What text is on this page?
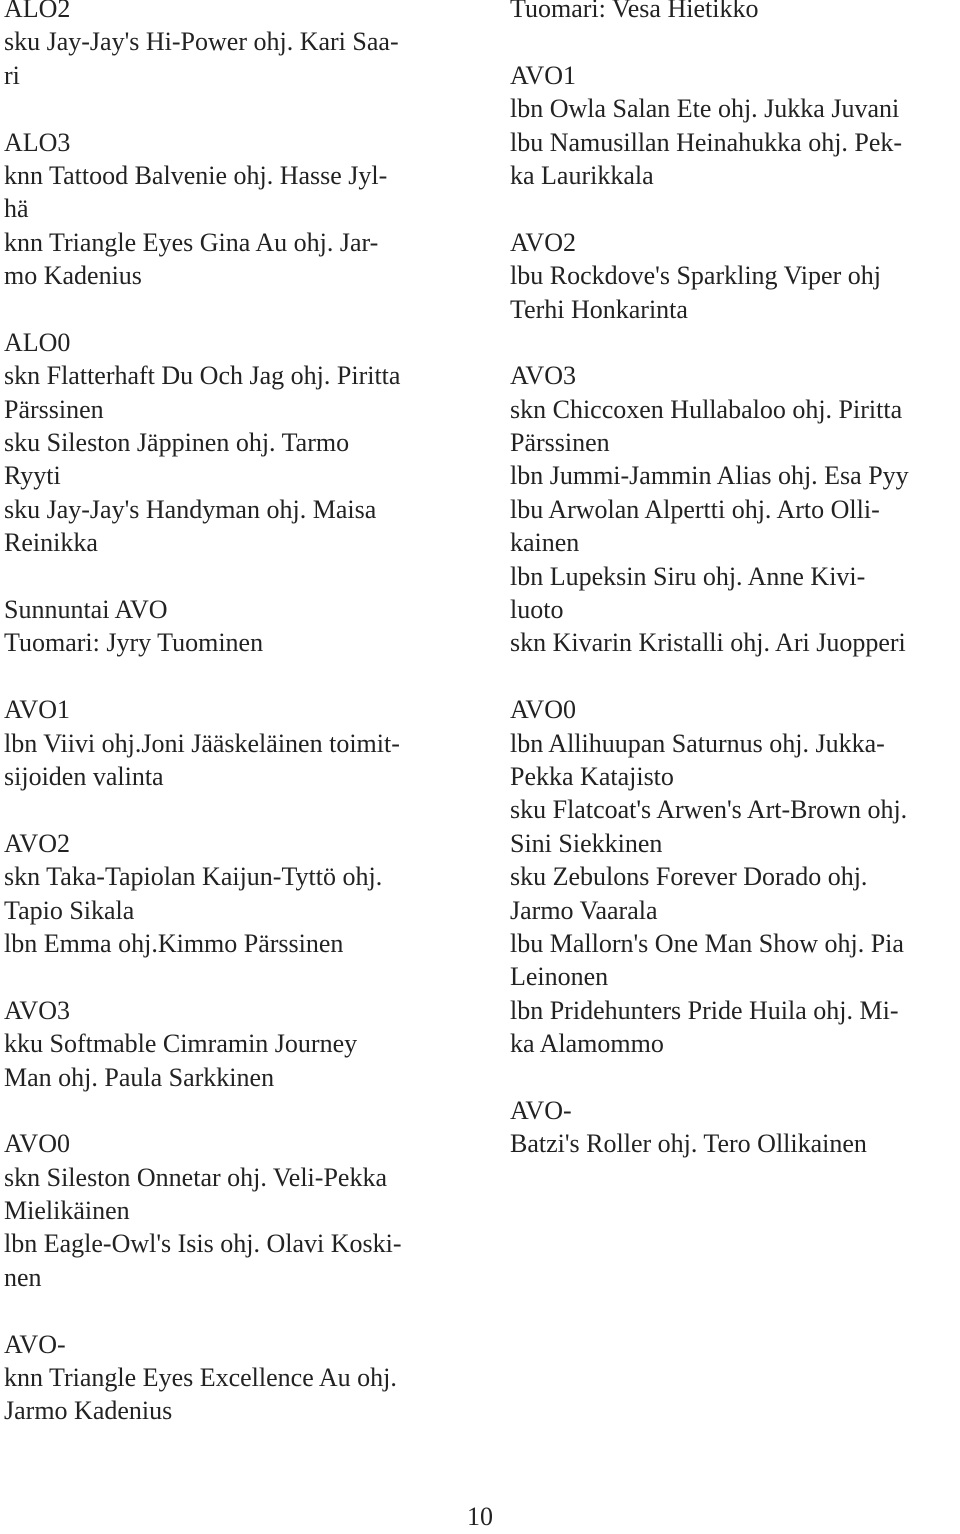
ALO2
sku Jay-Jay's Hi-Power ohj. Kari Saa-
ri
ALO3
knn Tattood Balvenie ohj. Hasse Jyl-
hä
knn Triangle Eyes Gina Au ohj. Jar-
mo Kadenius
ALO0
skn Flatterhaft Du Och Jag ohj. Piritta
Pärssinen
sku Sileston Jäppinen ohj. Tarmo
Ryyti
sku Jay-Jay's Handyman ohj. Maisa
Reinikka
Sunnuntai AVO
Tuomari: Jyry Tuominen
AVO1
lbn Viivi ohj.Joni Jääskeläinen toimit-
sijoiden valinta
AVO2
skn Taka-Tapiolan Kaijun-Tyttö ohj.
Tapio Sikala
lbn Emma ohj.Kimmo Pärssinen
AVO3
kku Softmable Cimramin Journey
Man ohj. Paula Sarkkinen
AVO0
skn Sileston Onnetar ohj. Veli-Pekka
Mielikäinen
lbn Eagle-Owl's Isis ohj. Olavi Koski-
nen
AVO-
knn Triangle Eyes Excellence Au ohj.
Jarmo Kadenius
Tuomari: Vesa Hietikko
AVO1
lbn Owla Salan Ete ohj. Jukka Juvani
lbu Namusillan Heinahukka ohj. Pek-
ka Laurikkala
AVO2
lbu Rockdove's Sparkling Viper ohj
Terhi Honkarinta
AVO3
skn Chiccoxen Hullabaloo ohj. Piritta
Pärssinen
lbn Jummi-Jammin Alias ohj. Esa Pyy
lbu Arwolan Alpertti ohj. Arto Olli-
kainen
lbn Lupeksin Siru ohj. Anne Kivi-
luoto
skn Kivarin Kristalli ohj. Ari Juopperi
AVO0
lbn Allihuupan Saturnus ohj. Jukka-
Pekka Katajisto
sku Flatcoat's Arwen's Art-Brown ohj.
Sini Siekkinen
sku Zebulons Forever Dorado ohj.
Jarmo Vaarala
lbu Mallorn's One Man Show ohj. Pia
Leinonen
lbn Pridehunters Pride Huila ohj. Mi-
ka Alamommo
AVO-
Batzi's Roller ohj. Tero Ollikainen
10
